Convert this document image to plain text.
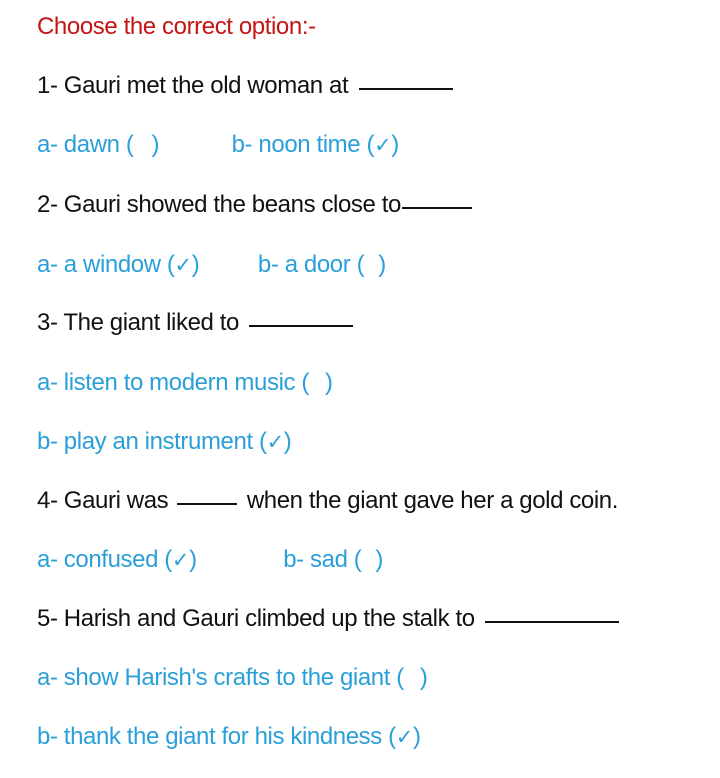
Choose the correct option:-
1- Gauri met the old woman at
a- dawn ( )	b- noon time (✓)
2- Gauri showed the beans close to
a- a window (✓) b- a door ( )
3- The giant liked to
a- listen to modern music ( )
b- play an instrument (✓)
4- Gauri was	when the giant gave her a gold coin.
a- confused (✓)	b- sad ( )
5- Harish and Gauri climbed up the stalk to
a- show Harish's crafts to the giant ( )
b- thank the giant for his kindness (✓)
